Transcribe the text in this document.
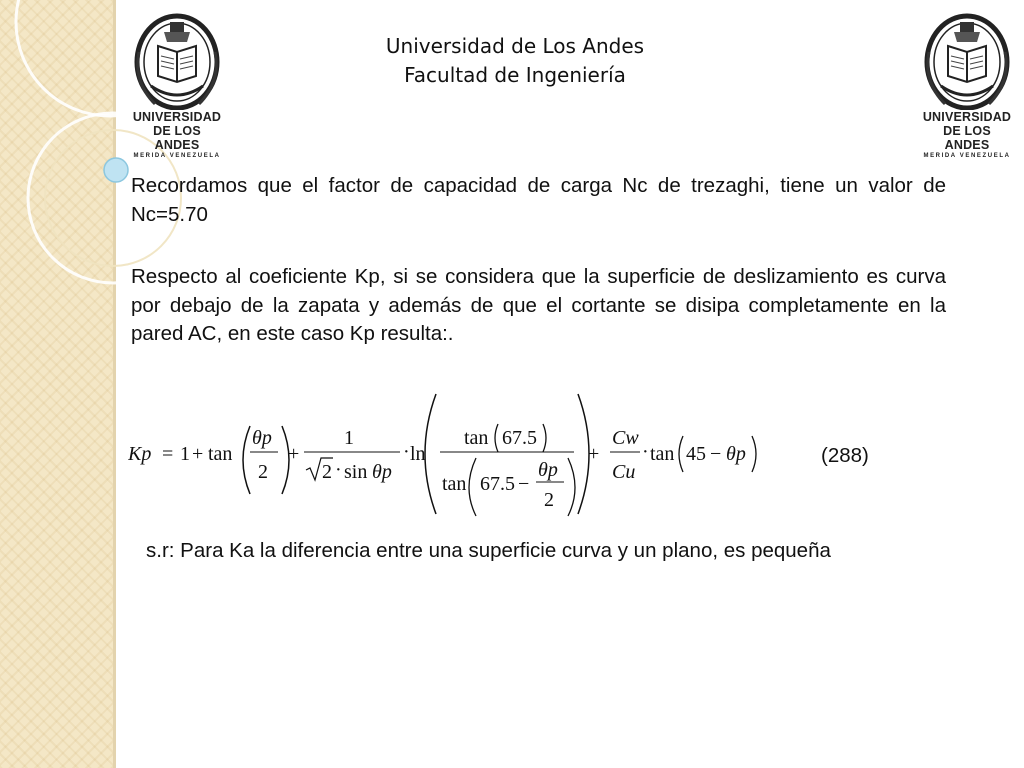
UNIVERSIDAD
DE LOS ANDES
MERIDA VENEZUELA
UNIVERSIDAD
DE LOS ANDES
MERIDA VENEZUELA
Universidad de Los Andes
Facultad de Ingeniería

Recordamos que el factor de capacidad de carga Nc de trezaghi, tiene un valor de Nc=5.70

Respecto al coeficiente Kp, si se considera que la superficie de deslizamiento es curva por debajo de la zapata y además de que el cortante se disipa completamente en la pared AC, en este caso Kp resulta:.

Kp = 1 + tan
θp
2
+
1
2 · sin θp
· ln
tan 67.5
tan 67.5 −
θp
2
+
Cw
Cu
· tan 45 − θp	(288)

s.r: Para Ka la diferencia entre una superficie curva y un plano, es pequeña
